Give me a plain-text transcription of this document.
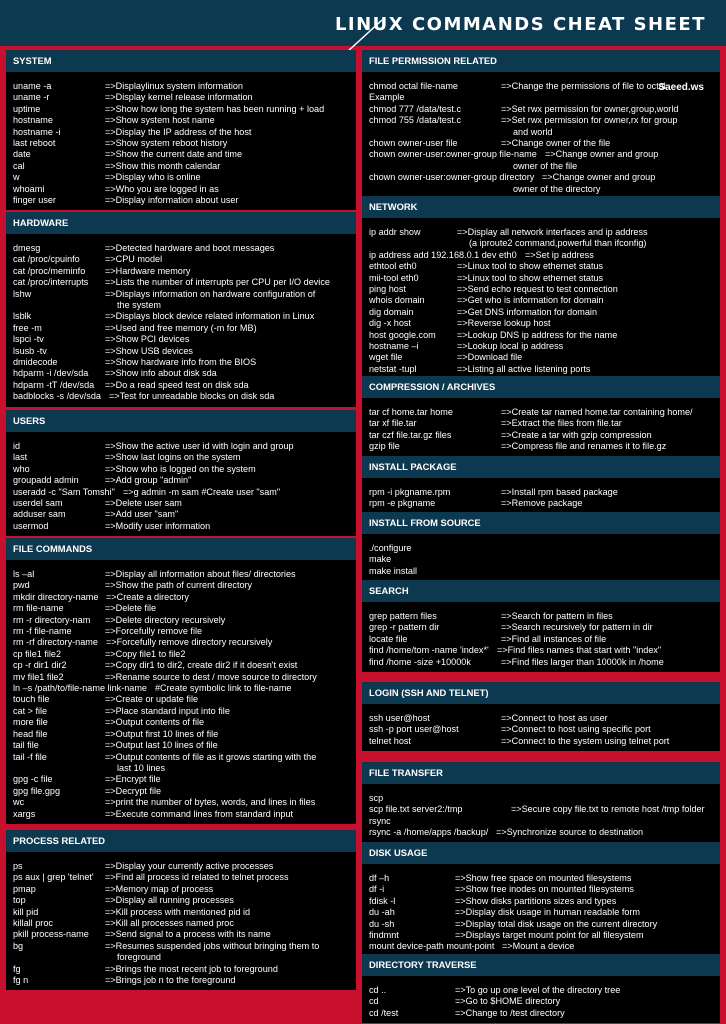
LINUX COMMANDS CHEAT SHEET
SYSTEM
uname -a	=>Displaylinux system information
uname -r	=>Display kernel release information
uptime	=>Show how long the system has been running + load
hostname	=>Show system host name
hostname -i	=>Display the IP address of the host
last reboot	=>Show system reboot history
date	=>Show the current date and time
cal	=>Show this month calendar
w	=>Display who is online
whoami	=>Who you are logged in as
finger user	=>Display information about user
HARDWARE
dmesg	=>Detected hardware and boot messages
cat /proc/cpuinfo	=>CPU model
cat /proc/meminfo =>Hardware memory
cat /proc/interrupts =>Lists the number of interrupts per CPU per I/O device
lshw	=>Displays information on hardware configuration of
the system
lsblk	=>Displays block device related information in Linux
free -m	=>Used and free memory (-m for MB)
lspci -tv	=>Show PCI devices
lsusb -tv	=>Show USB devices
dmidecode	=>Show hardware info from the BIOS
hdparm -i /dev/sda =>Show info about disk sda
hdparm -tT /dev/sda =>Do a read speed test on disk sda
badblocks -s /dev/sda =>Test for unreadable blocks on disk sda
USERS
id	=>Show the active user id with login and group
last	=>Show last logins on the system
who	=>Show who is logged on the system
groupadd admin	=>Add group "admin"
useradd -c "Sam Tomshi" =>g admin -m sam #Create user "sam"
userdel sam	=>Delete user sam
adduser sam	=>Add user "sam"
usermod	=>Modify user information
FILE COMMANDS
ls –al	=>Display all information about files/ directories
pwd	=>Show the path of current directory
mkdir directory-name =>Create a directory
rm file-name	=>Delete file
rm -r directory-nam =>Delete directory recursively
rm -f file-name	=>Forcefully remove file
rm -rf directory-name =>Forcefully remove directory recursively
cp file1 file2	=>Copy file1 to file2
cp -r dir1 dir2	=>Copy dir1 to dir2, create dir2 if it doesn't exist
mv file1 file2	=>Rename source to dest / move source to directory
ln –s /path/to/file-name link-name #Create symbolic link to file-name
touch file	=>Create or update file
cat > file	=>Place standard input into file
more file	=>Output contents of file
head file	=>Output first 10 lines of file
tail file	=>Output last 10 lines of file
tail -f file	=>Output contents of file as it grows starting with the
last 10 lines
gpg -c file	=>Encrypt file
gpg file.gpg	=>Decrypt file
wc	=>print the number of bytes, words, and lines in files
xargs	=>Execute command lines from standard input
PROCESS RELATED
ps	=>Display your currently active processes
ps aux | grep 'telnet' =>Find all process id related to telnet process
pmap	=>Memory map of process
top	=>Display all running processes
kill pid	=>Kill process with mentioned pid id
killall proc	=>Kill all processes named proc
pkill process-name =>Send signal to a process with its name
bg	=>Resumes suspended jobs without bringing them to
foreground
fg	=>Brings the most recent job to foreground
fg n	=>Brings job n to the foreground
FILE PERMISSION RELATED
chmod octal file-name	=>Change the permissions of file to octal
Example
chmod 777 /data/test.c	=>Set rwx permission for owner,group,world
chmod 755 /data/test.c	=>Set rwx permission for owner,rx for group
and world
chown owner-user file	=>Change owner of the file
chown owner-user:owner-group file-name =>Change owner and group
owner of the file
chown owner-user:owner-group directory =>Change owner and group
owner of the directory
Saeed.ws
NETWORK
ip addr show	=>Display all network interfaces and ip address
(a iproute2 command,powerful than ifconfig)
ip address add 192.168.0.1 dev eth0 =>Set ip address
ethtool eth0	=>Linux tool to show ethernet status
mii-tool eth0	=>Linux tool to show ethernet status
ping host	=>Send echo request to test connection
whois domain	=>Get who is information for domain
dig domain	=>Get DNS information for domain
dig -x host	=>Reverse lookup host
host google.com =>Lookup DNS ip address for the name
hostname –i	=>Lookup local ip address
wget file	=>Download file
netstat -tupl	=>Listing all active listening ports
COMPRESSION / ARCHIVES
tar cf home.tar home	=>Create tar named home.tar containing home/
tar xf file.tar	=>Extract the files from file.tar
tar czf file.tar.gz files	=>Create a tar with gzip compression
gzip file	=>Compress file and renames it to file.gz
INSTALL PACKAGE
rpm -i pkgname.rpm	=>Install rpm based package
rpm -e pkgname	=>Remove package
INSTALL FROM SOURCE
./configure
make
make install
SEARCH
grep pattern files	=>Search for pattern in files
grep -r pattern dir	=>Search recursively for pattern in dir
locate file	=>Find all instances of file
find /home/tom -name 'index*' =>Find files names that start with "index"
find /home -size +10000k	=>Find files larger than 10000k in /home
LOGIN (SSH AND TELNET)
ssh user@host	=>Connect to host as user
ssh -p port user@host	=>Connect to host using specific port
telnet host	=>Connect to the system using telnet port
FILE TRANSFER
scp
scp file.txt server2:/tmp	=>Secure copy file.txt to remote host /tmp folder
rsync
rsync -a /home/apps /backup/ =>Synchronize source to destination
DISK USAGE
df –h	=>Show free space on mounted filesystems
df -i	=>Show free inodes on mounted filesystems
fdisk -l	=>Show disks partitions sizes and types
du -ah	=>Display disk usage in human readable form
du -sh	=>Display total disk usage on the current directory
findmnt	=>Displays target mount point for all filesystem
mount device-path mount-point =>Mount a device
DIRECTORY TRAVERSE
cd ..	=>To go up one level of the directory tree
cd	=>Go to $HOME directory
cd /test	=>Change to /test directory
